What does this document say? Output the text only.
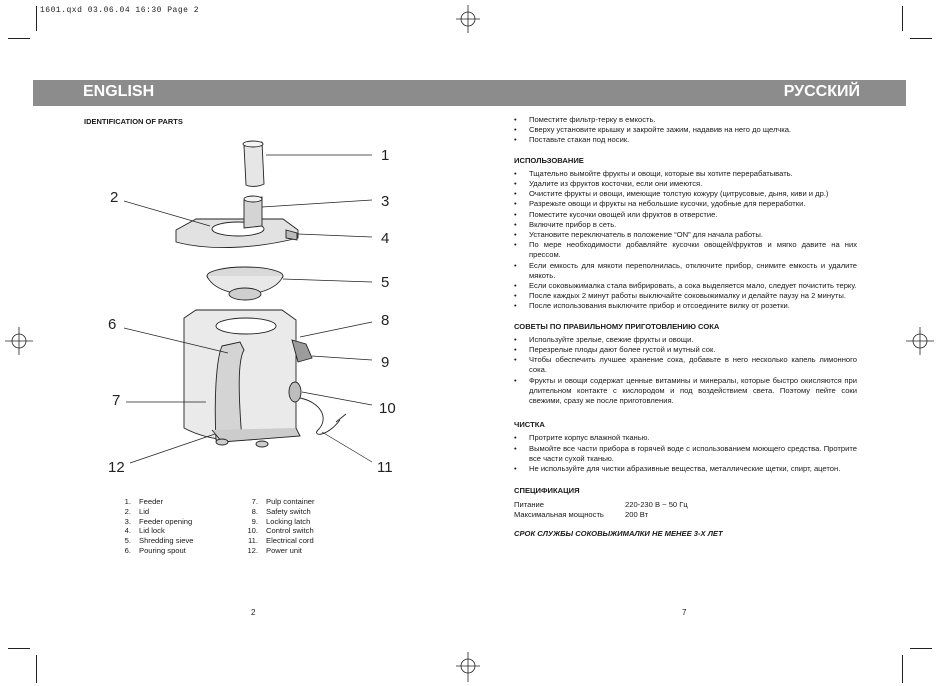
1601.qxd 03.06.04 16:30 Page 2
ENGLISH	РУССКИЙ
IDENTIFICATION OF PARTS
1
2	3
4
5
6
7
8
9
10
11
12
1. Feeder
2. Lid
3. Feeder opening
4. Lid lock
5. Shredding sieve
6. Pouring spout
7. Pulp container
8. Safety switch
9. Locking latch
10. Control switch
11. Electrical cord
12. Power unit
2
• Поместите фильтр-терку в емкость.
• Сверху установите крышку и закройте зажим, надавив на него до щелчка.
• Поставьте стакан под носик.
ИСПОЛЬЗОВАНИЕ
• Тщательно вымойте фрукты и овощи, которые вы хотите перерабатывать.
• Удалите из фруктов косточки, если они имеются.
• Очистите фрукты и овощи, имеющие толстую кожуру (цитрусовые, дыня, киви и др.)
• Разрежьте овощи и фрукты на небольшие кусочки, удобные для переработки.
• Поместите кусочки овощей или фруктов в отверстие.
• Включите прибор в сеть.
• Установите переключатель в положение “ON” для начала работы.
• По мере необходимости добавляйте кусочки овощей/фруктов и мягко давите на них прессом.
• Если емкость для мякоти переполнилась, отключите прибор, снимите емкость и удалите мякоть.
• Если соковыжималка стала вибрировать, а сока выделяется мало, следует почистить терку.
• После каждых 2 минут работы выключайте соковыжималку и делайте паузу на 2 минуты.
• После использования выключите прибор и отсоедините вилку от розетки.
СОВЕТЫ ПО ПРАВИЛЬНОМУ ПРИГОТОВЛЕНИЮ СОКА
• Используйте зрелые, свежие фрукты и овощи.
• Перезрелые плоды дают более густой и мутный сок.
• Чтобы обеспечить лучшее хранение сока, добавьте в него несколько капель лимонного сока.
• Фрукты и овощи содержат ценные витамины и минералы, которые быстро окисляются при длительном контакте с кислородом и под воздействием света. Поэтому пейте соки свежими, сразу же после приготовления.
ЧИСТКА
• Протрите корпус влажной тканью.
• Вымойте все части прибора в горячей воде с использованием моющего средства. Протрите все части сухой тканью.
• Не используйте для чистки абразивные вещества, металлические щетки, спирт, ацетон.
СПЕЦИФИКАЦИЯ
Питание	220-230 В ~ 50 Гц
Максимальная мощность	200 Вт
СРОК СЛУЖБЫ СОКОВЫЖИМАЛКИ НЕ МЕНЕЕ 3-Х ЛЕТ
7
